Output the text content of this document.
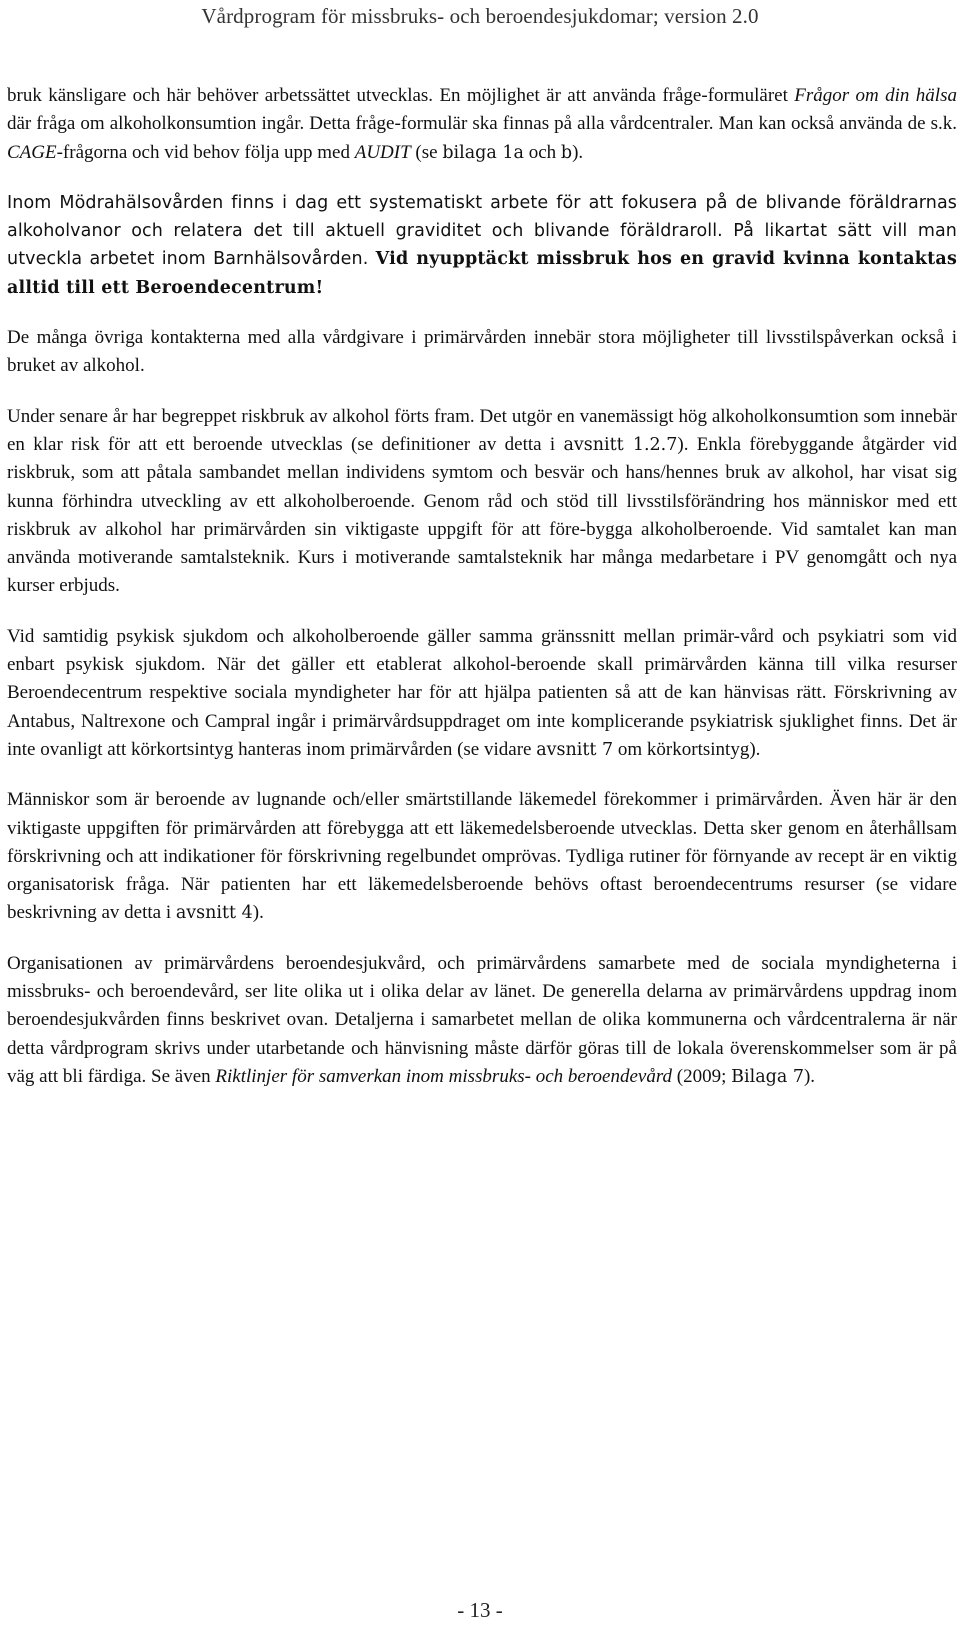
Vårdprogram för missbruks- och beroendesjukdomar; version 2.0

bruk känsligare och här behöver arbetssättet utvecklas. En möjlighet är att använda fråge-formuläret Frågor om din hälsa där fråga om alkoholkonsumtion ingår. Detta fråge-formulär ska finnas på alla vårdcentraler. Man kan också använda de s.k. CAGE-frågorna och vid behov följa upp med AUDIT (se bilaga 1a och b).

Inom Mödrahälsovården finns i dag ett systematiskt arbete för att fokusera på de blivande föräldrarnas alkoholvanor och relatera det till aktuell graviditet och blivande föräldraroll. På likartat sätt vill man utveckla arbetet inom Barnhälsovården. Vid nyupptäckt missbruk hos en gravid kvinna kontaktas alltid till ett Beroendecentrum!

De många övriga kontakterna med alla vårdgivare i primärvården innebär stora möjligheter till livsstilspåverkan också i bruket av alkohol.

Under senare år har begreppet riskbruk av alkohol förts fram. Det utgör en vanemässigt hög alkoholkonsumtion som innebär en klar risk för att ett beroende utvecklas (se definitioner av detta i avsnitt 1.2.7). Enkla förebyggande åtgärder vid riskbruk, som att påtala sambandet mellan individens symtom och besvär och hans/hennes bruk av alkohol, har visat sig kunna förhindra utveckling av ett alkoholberoende. Genom råd och stöd till livsstilsförändring hos människor med ett riskbruk av alkohol har primärvården sin viktigaste uppgift för att före-bygga alkoholberoende. Vid samtalet kan man använda motiverande samtalsteknik. Kurs i motiverande samtalsteknik har många medarbetare i PV genomgått och nya kurser erbjuds.

Vid samtidig psykisk sjukdom och alkoholberoende gäller samma gränssnitt mellan primär-vård och psykiatri som vid enbart psykisk sjukdom. När det gäller ett etablerat alkohol-beroende skall primärvården känna till vilka resurser Beroendecentrum respektive sociala myndigheter har för att hjälpa patienten så att de kan hänvisas rätt. Förskrivning av Antabus, Naltrexone och Campral ingår i primärvårdsuppdraget om inte komplicerande psykiatrisk sjuklighet finns. Det är inte ovanligt att körkortsintyg hanteras inom primärvården (se vidare avsnitt 7 om körkortsintyg).

Människor som är beroende av lugnande och/eller smärtstillande läkemedel förekommer i primärvården. Även här är den viktigaste uppgiften för primärvården att förebygga att ett läkemedelsberoende utvecklas. Detta sker genom en återhållsam förskrivning och att indikationer för förskrivning regelbundet omprövas. Tydliga rutiner för förnyande av recept är en viktig organisatorisk fråga. När patienten har ett läkemedelsberoende behövs oftast beroendecentrums resurser (se vidare beskrivning av detta i avsnitt 4).

Organisationen av primärvårdens beroendesjukvård, och primärvårdens samarbete med de sociala myndigheterna i missbruks- och beroendevård, ser lite olika ut i olika delar av länet. De generella delarna av primärvårdens uppdrag inom beroendesjukvården finns beskrivet ovan. Detaljerna i samarbetet mellan de olika kommunerna och vårdcentralerna är när detta vårdprogram skrivs under utarbetande och hänvisning måste därför göras till de lokala överenskommelser som är på väg att bli färdiga. Se även Riktlinjer för samverkan inom missbruks- och beroendevård (2009; Bilaga 7).

- 13 -
